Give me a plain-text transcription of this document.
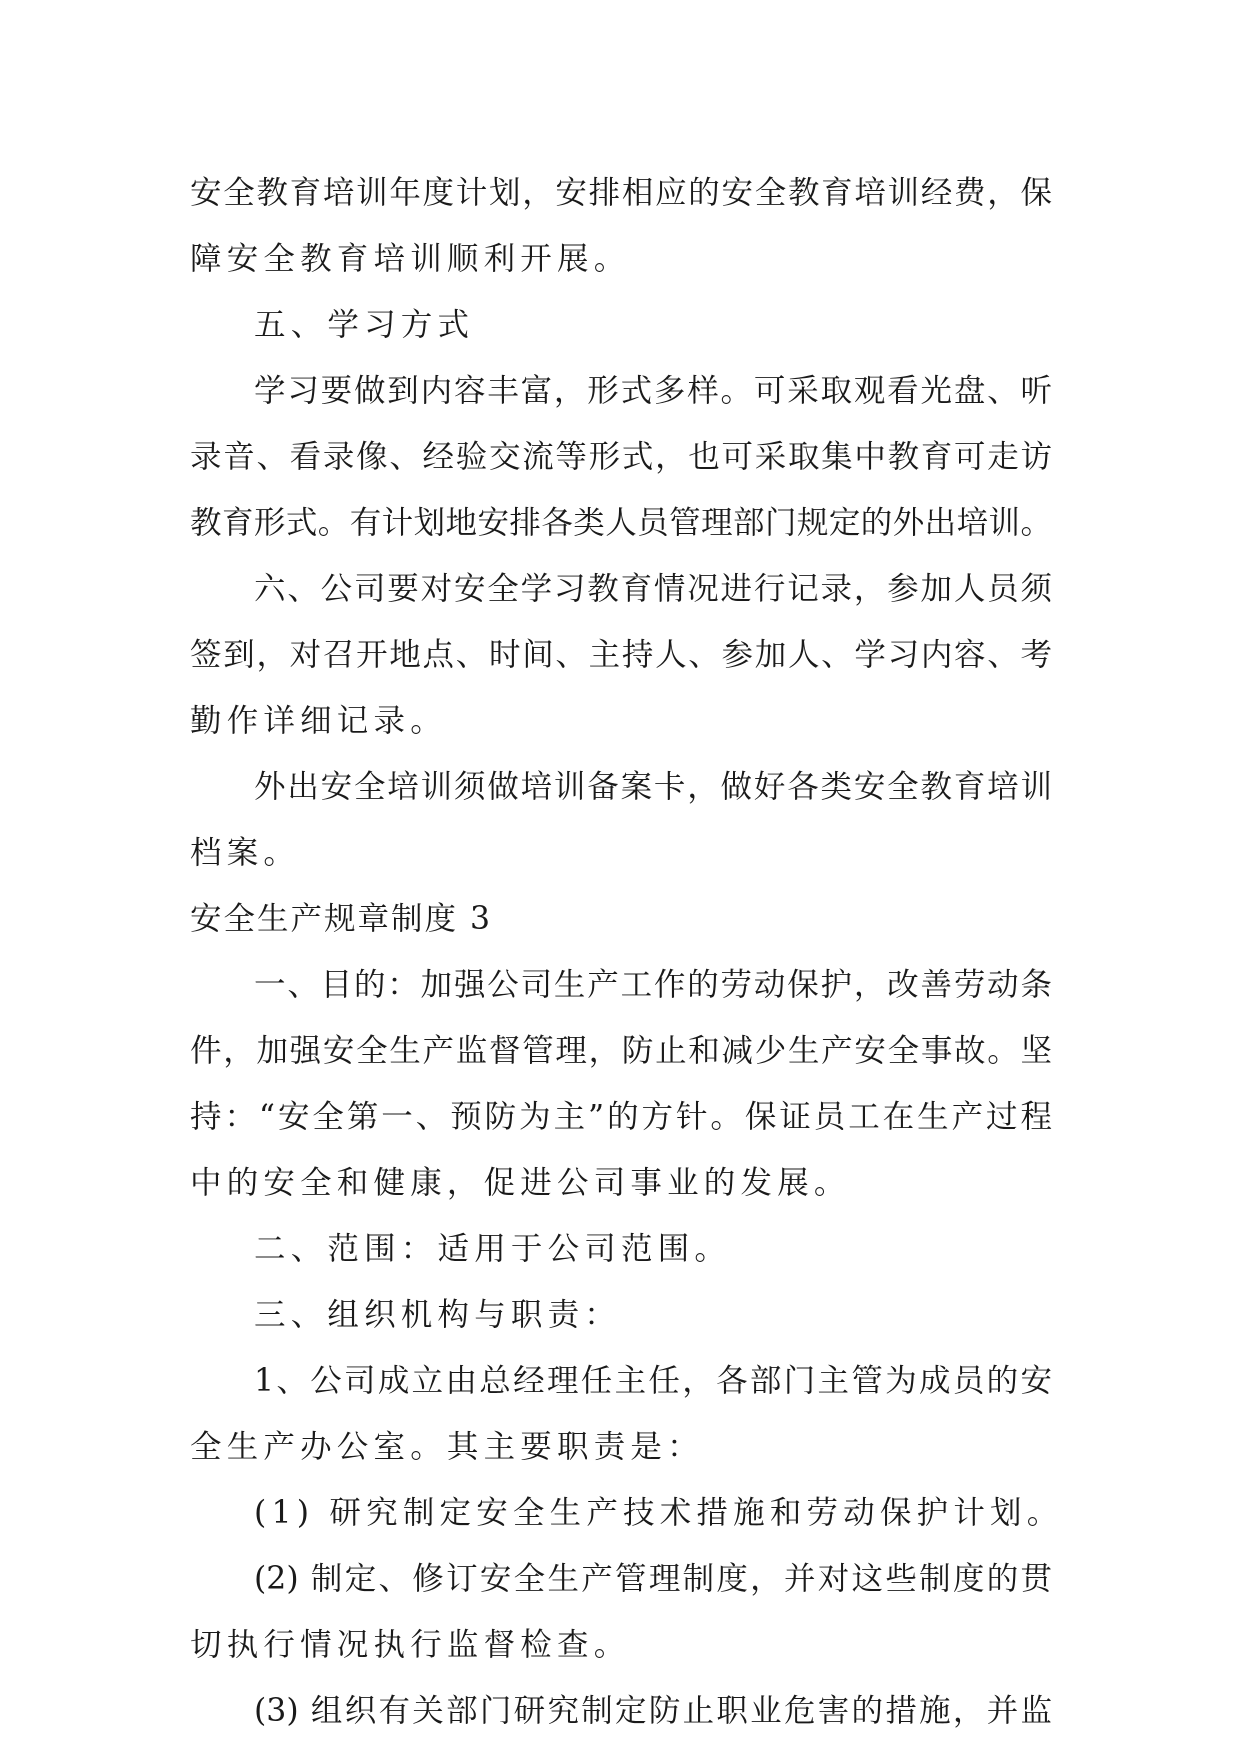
安全教育培训年度计划，安排相应的安全教育培训经费，保
障安全教育培训顺利开展。
五、学习方式
学习要做到内容丰富，形式多样。可采取观看光盘、听
录音、看录像、经验交流等形式，也可采取集中教育可走访
教育形式。有计划地安排各类人员管理部门规定的外出培训。
六、公司要对安全学习教育情况进行记录，参加人员须
签到，对召开地点、时间、主持人、参加人、学习内容、考
勤作详细记录。
外出安全培训须做培训备案卡，做好各类安全教育培训
档案。
安全生产规章制度 3
一、目的：加强公司生产工作的劳动保护，改善劳动条
件，加强安全生产监督管理，防止和减少生产安全事故。坚
持：“安全第一、预防为主”的方针。保证员工在生产过程
中的安全和健康，促进公司事业的发展。
二、范围：适用于公司范围。
三、组织机构与职责：
1、公司成立由总经理任主任，各部门主管为成员的安
全生产办公室。其主要职责是：
(1) 研究制定安全生产技术措施和劳动保护计划。
(2) 制定、修订安全生产管理制度，并对这些制度的贯
切执行情况执行监督检查。
(3) 组织有关部门研究制定防止职业危害的措施，并监
